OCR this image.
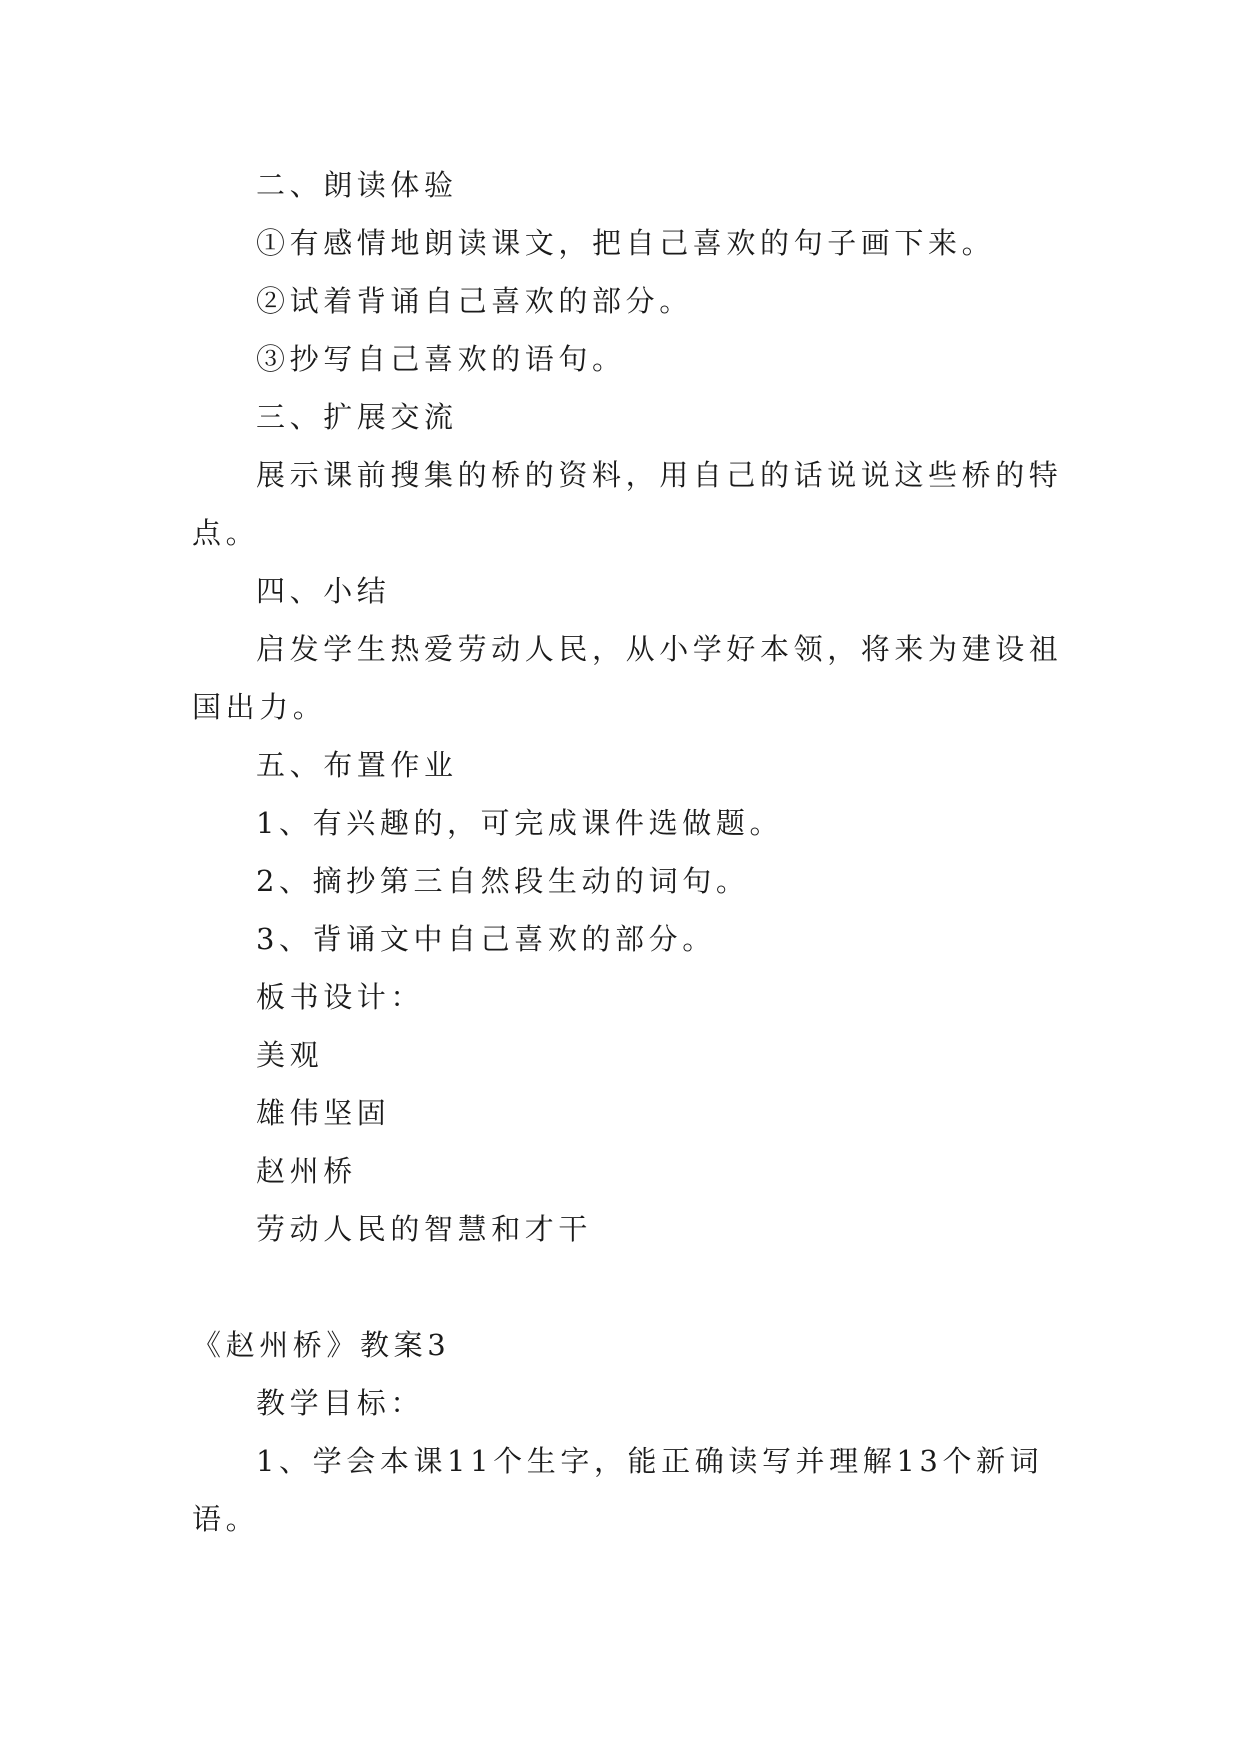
二、朗读体验
①有感情地朗读课文，把自己喜欢的句子画下来。
②试着背诵自己喜欢的部分。
③抄写自己喜欢的语句。
三、扩展交流
展示课前搜集的桥的资料，用自己的话说说这些桥的特
点。
四、小结
启发学生热爱劳动人民，从小学好本领，将来为建设祖
国出力。
五、布置作业
1、有兴趣的，可完成课件选做题。
2、摘抄第三自然段生动的词句。
3、背诵文中自己喜欢的部分。
板书设计：
美观
雄伟坚固
赵州桥
劳动人民的智慧和才干
《赵州桥》教案3
教学目标：
1、学会本课11个生字，能正确读写并理解13个新词
语。
